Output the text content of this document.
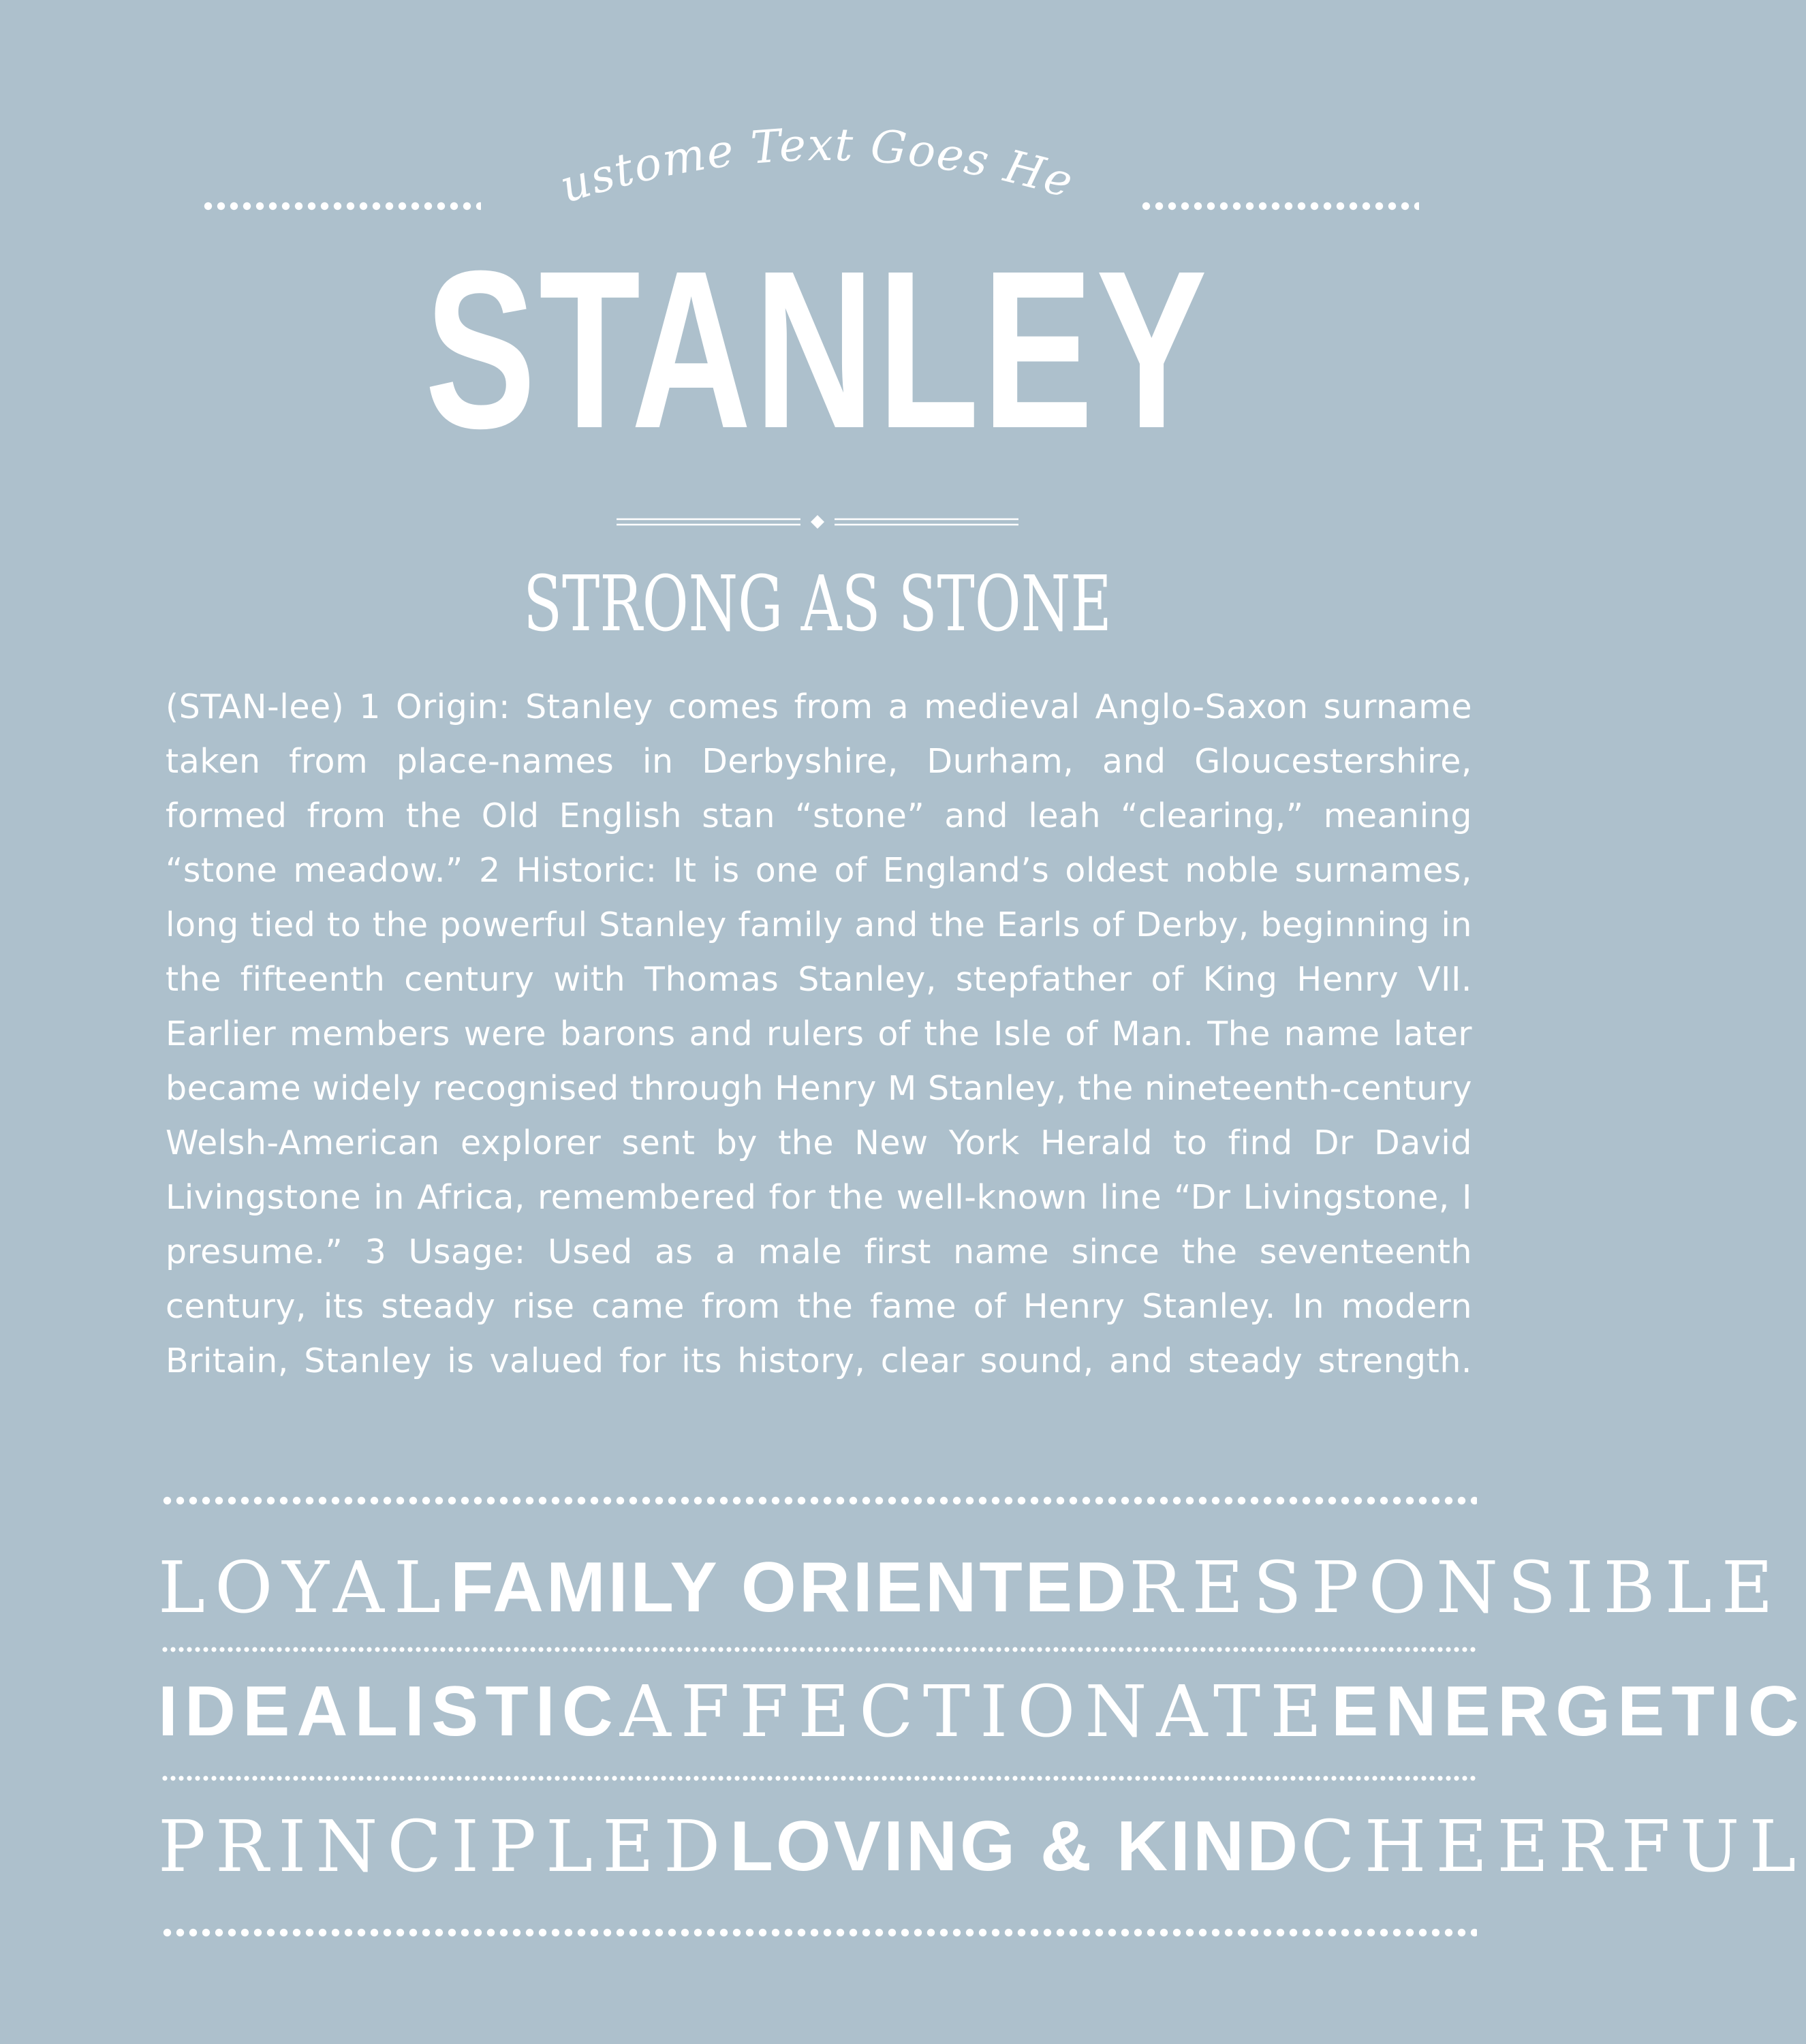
Custome Text Goes Here
STANLEY
STRONG AS STONE
(STAN-lee) 1 Origin: Stanley comes from a medieval Anglo-Saxon surname taken from place-names in Derbyshire, Durham, and Gloucestershire, formed from the Old English stan “stone” and leah “clearing,” meaning “stone meadow.” 2 Historic: It is one of England’s oldest noble surnames, long tied to the powerful Stanley family and the Earls of Derby, beginning in the fifteenth century with Thomas Stanley, stepfather of King Henry VII. Earlier members were barons and rulers of the Isle of Man. The name later became widely recognised through Henry M Stanley, the nineteenth-century Welsh-American explorer sent by the New York Herald to find Dr David Livingstone in Africa, remembered for the well-known line “Dr Livingstone, I presume.” 3 Usage: Used as a male first name since the seventeenth century, its steady rise came from the fame of Henry Stanley. In modern Britain, Stanley is valued for its history, clear sound, and steady strength.
LOYAL FAMILY ORIENTED RESPONSIBLE
IDEALISTIC AFFECTIONATE ENERGETIC
PRINCIPLED LOVING & KIND CHEERFUL
